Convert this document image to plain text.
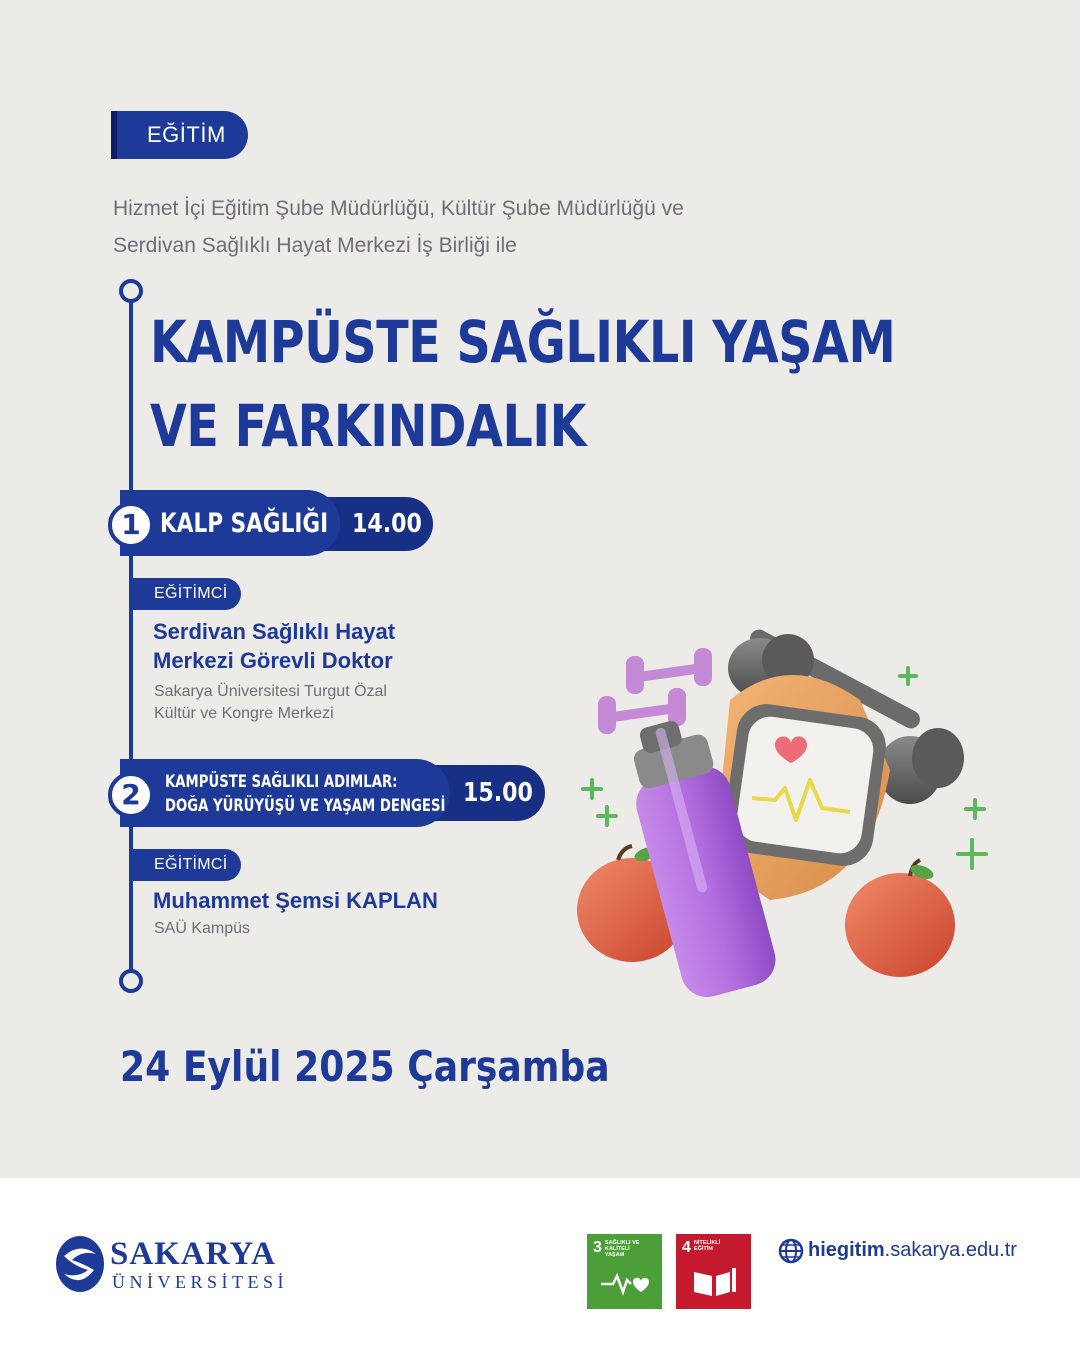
EĞİTİM
Hizmet İçi Eğitim Şube Müdürlüğü, Kültür Şube Müdürlüğü ve
Serdivan Sağlıklı Hayat Merkezi İş Birliği ile
KAMPÜSTE SAĞLIKLI YAŞAM
VE FARKINDALIK
14.00
KALP SAĞLIĞI
1
EĞİTİMCİ
Serdivan Sağlıklı Hayat
Merkezi Görevli Doktor
Sakarya Üniversitesi Turgut Özal
Kültür ve Kongre Merkezi
15.00
KAMPÜSTE SAĞLIKLI ADIMLAR:
DOĞA YÜRÜYÜŞÜ VE YAŞAM DENGESİ
2
EĞİTİMCİ
Muhammet Şemsi KAPLAN
SAÜ Kampüs
24 Eylül 2025 Çarşamba
SAKARYA
ÜNİVERSİTESİ
3 SAĞLIKLI VE KALİTELİ YAŞAM	4 NİTELİKLİ EĞİTİM	hiegitim.sakarya.edu.tr
